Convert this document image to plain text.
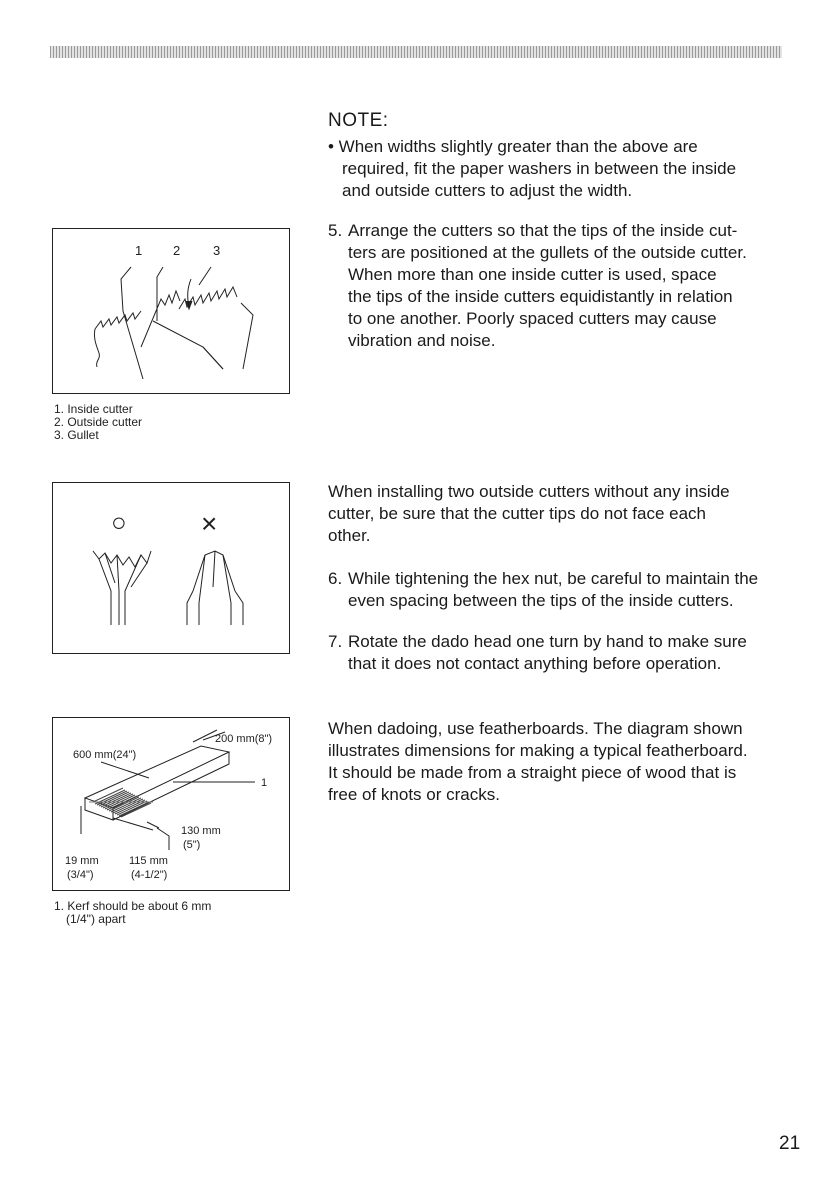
NOTE:
• When widths slightly greater than the above are
required, fit the paper washers in between the inside
and outside cutters to adjust the width.
5. Arrange the cutters so that the tips of the inside cut-
ters are positioned at the gullets of the outside cutter.
When more than one inside cutter is used, space
the tips of the inside cutters equidistantly in relation
to one another. Poorly spaced cutters may cause
vibration and noise.
1 2	3
1. Inside cutter
2. Outside cutter
3. Gullet
○	×
When installing two outside cutters without any inside
cutter, be sure that the cutter tips do not face each
other.
6. While tightening the hex nut, be careful to maintain the
even spacing between the tips of the inside cutters.
7. Rotate the dado head one turn by hand to make sure
that it does not contact anything before operation.
When dadoing, use featherboards. The diagram shown
illustrates dimensions for making a typical featherboard.
It should be made from a straight piece of wood that is
free of knots or cracks.
600 mm(24")
200 mm(8")
1
130 mm
(5")
19 mm
(3/4")
115 mm
(4-1/2")
1. Kerf should be about 6 mm
(1/4") apart
21
